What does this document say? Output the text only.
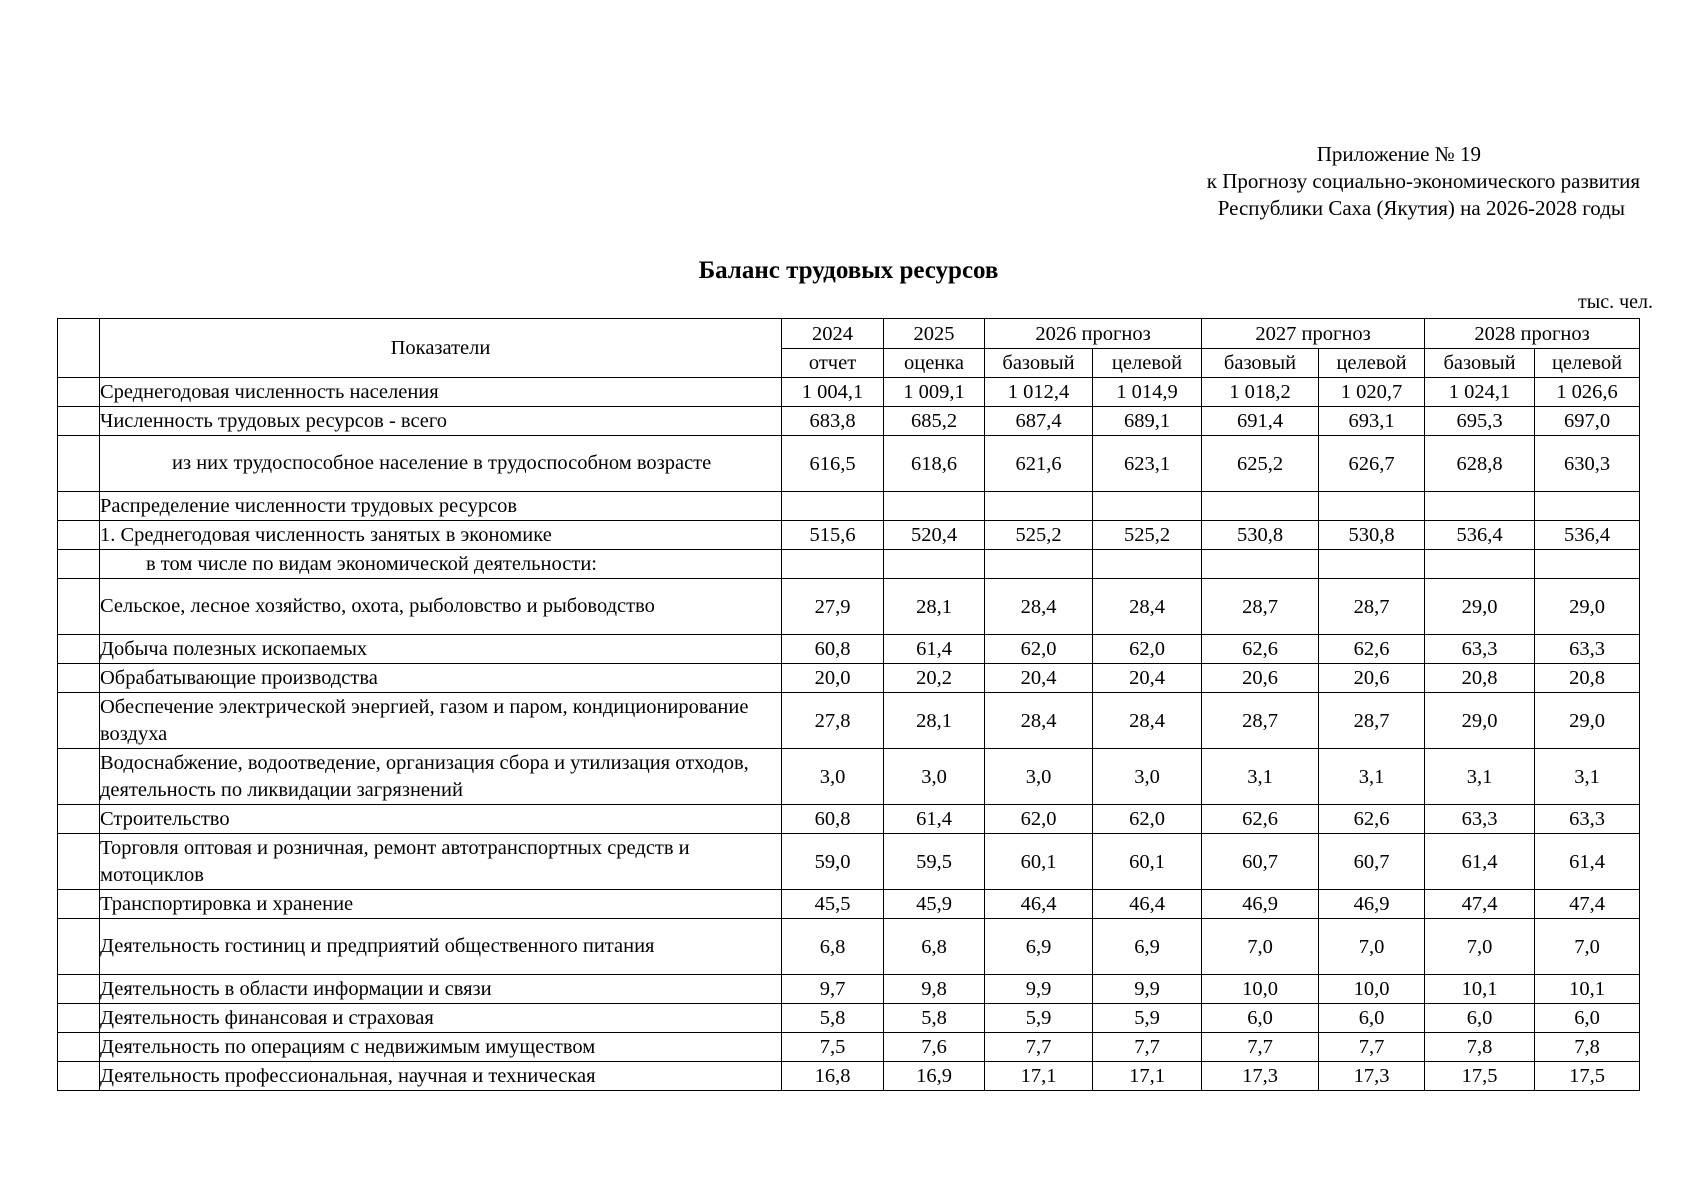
Приложение № 19
к Прогнозу социально-экономического развития
Республики Саха (Якутия) на 2026-2028 годы
Баланс трудовых ресурсов
тыс. чел.
	Показатели	2024	2025	2026 прогноз		2027 прогноз		2028 прогноз	
		отчет	оценка	базовый	целевой	базовый	целевой	базовый	целевой
	Среднегодовая численность населения	1 004,1	1 009,1	1 012,4	1 014,9	1 018,2	1 020,7	1 024,1	1 026,6
	Численность трудовых ресурсов - всего	683,8	685,2	687,4	689,1	691,4	693,1	695,3	697,0
	из них трудоспособное население в трудоспособном возрасте	616,5	618,6	621,6	623,1	625,2	626,7	628,8	630,3
	Распределение численности трудовых ресурсов								
	1. Среднегодовая численность занятых в экономике	515,6	520,4	525,2	525,2	530,8	530,8	536,4	536,4
	в том числе по видам экономической деятельности:								
	Сельское, лесное хозяйство, охота, рыболовство и рыбоводство	27,9	28,1	28,4	28,4	28,7	28,7	29,0	29,0
	Добыча полезных ископаемых	60,8	61,4	62,0	62,0	62,6	62,6	63,3	63,3
	Обрабатывающие производства	20,0	20,2	20,4	20,4	20,6	20,6	20,8	20,8
	Обеспечение электрической энергией, газом и паром, кондиционирование воздуха	27,8	28,1	28,4	28,4	28,7	28,7	29,0	29,0
	Водоснабжение, водоотведение, организация сбора и утилизация отходов, деятельность по ликвидации загрязнений	3,0	3,0	3,0	3,0	3,1	3,1	3,1	3,1
	Строительство	60,8	61,4	62,0	62,0	62,6	62,6	63,3	63,3
	Торговля оптовая и розничная, ремонт автотранспортных средств и мотоциклов	59,0	59,5	60,1	60,1	60,7	60,7	61,4	61,4
	Транспортировка и хранение	45,5	45,9	46,4	46,4	46,9	46,9	47,4	47,4
	Деятельность гостиниц и предприятий общественного питания	6,8	6,8	6,9	6,9	7,0	7,0	7,0	7,0
	Деятельность в области информации и связи	9,7	9,8	9,9	9,9	10,0	10,0	10,1	10,1
	Деятельность финансовая и страховая	5,8	5,8	5,9	5,9	6,0	6,0	6,0	6,0
	Деятельность по операциям с недвижимым имуществом	7,5	7,6	7,7	7,7	7,7	7,7	7,8	7,8
	Деятельность профессиональная, научная и техническая	16,8	16,9	17,1	17,1	17,3	17,3	17,5	17,5
